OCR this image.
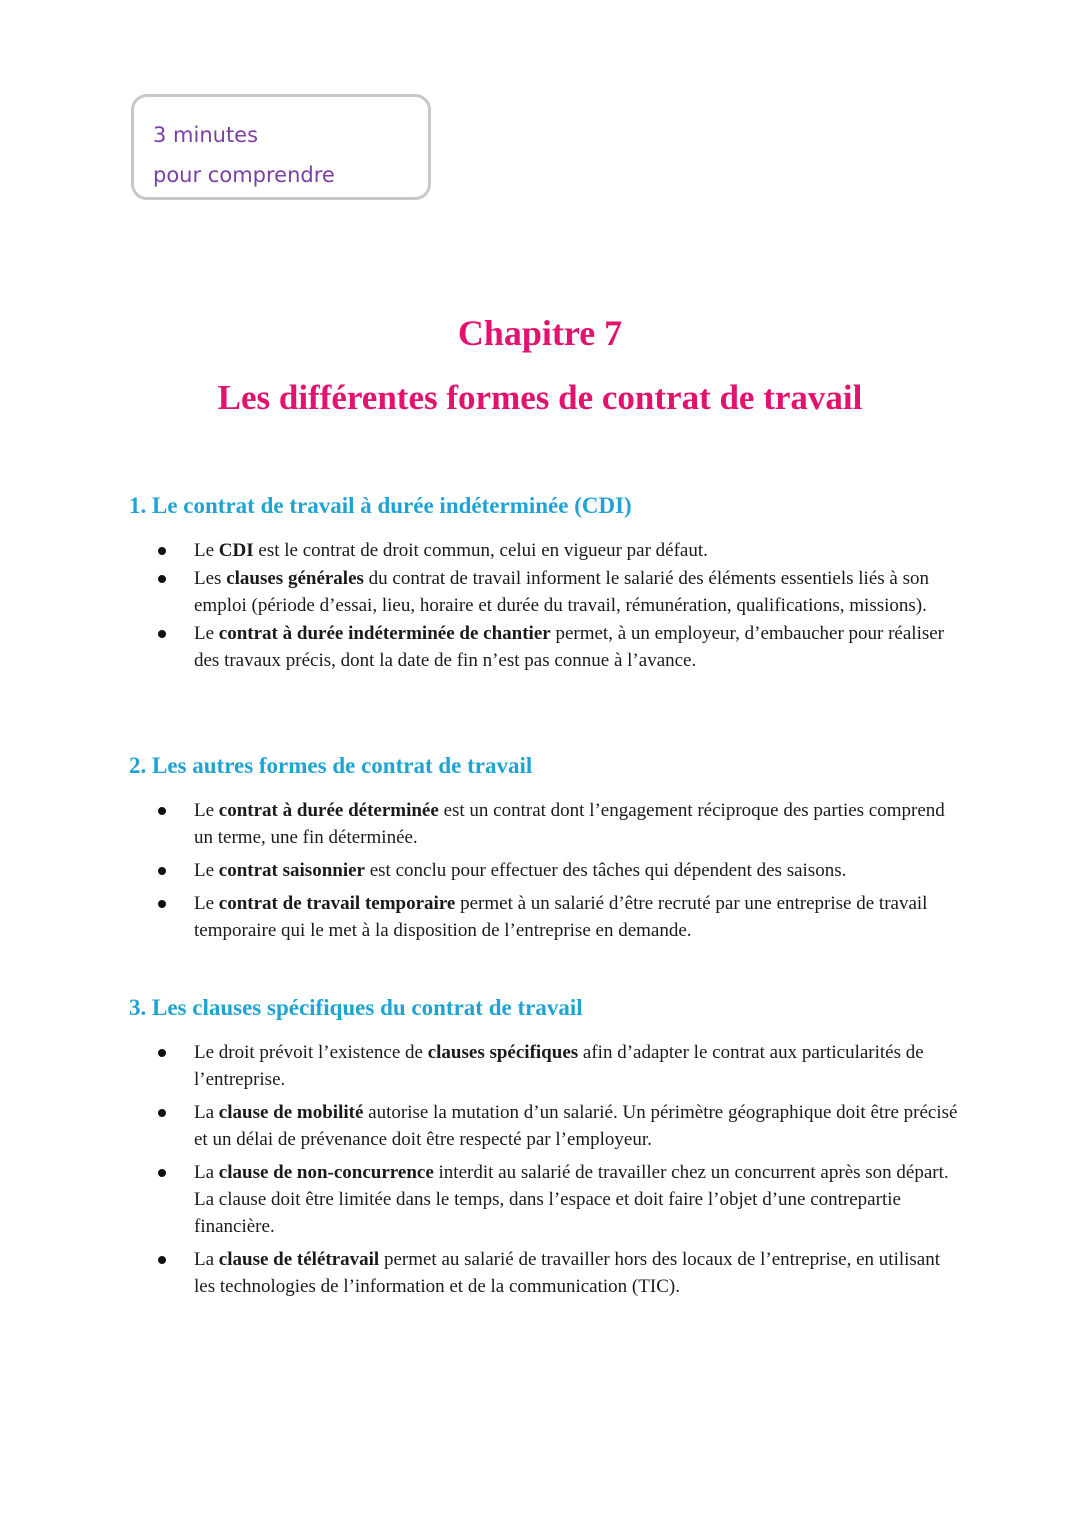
3 minutes
pour comprendre
Chapitre 7
Les différentes formes de contrat de travail
1. Le contrat de travail à durée indéterminée (CDI)
Le CDI est le contrat de droit commun, celui en vigueur par défaut.
Les clauses générales du contrat de travail informent le salarié des éléments essentiels liés à son emploi (période d’essai, lieu, horaire et durée du travail, rémunération, qualifications, missions).
Le contrat à durée indéterminée de chantier permet, à un employeur, d’embaucher pour réaliser des travaux précis, dont la date de fin n’est pas connue à l’avance.
2. Les autres formes de contrat de travail
Le contrat à durée déterminée est un contrat dont l’engagement réciproque des parties comprend un terme, une fin déterminée.
Le contrat saisonnier est conclu pour effectuer des tâches qui dépendent des saisons.
Le contrat de travail temporaire permet à un salarié d’être recruté par une entreprise de travail temporaire qui le met à la disposition de l’entreprise en demande.
3. Les clauses spécifiques du contrat de travail
Le droit prévoit l’existence de clauses spécifiques afin d’adapter le contrat aux particularités de l’entreprise.
La clause de mobilité autorise la mutation d’un salarié. Un périmètre géographique doit être précisé et un délai de prévenance doit être respecté par l’employeur.
La clause de non-concurrence interdit au salarié de travailler chez un concurrent après son départ. La clause doit être limitée dans le temps, dans l’espace et doit faire l’objet d’une contrepartie financière.
La clause de télétravail permet au salarié de travailler hors des locaux de l’entreprise, en utilisant les technologies de l’information et de la communication (TIC).
